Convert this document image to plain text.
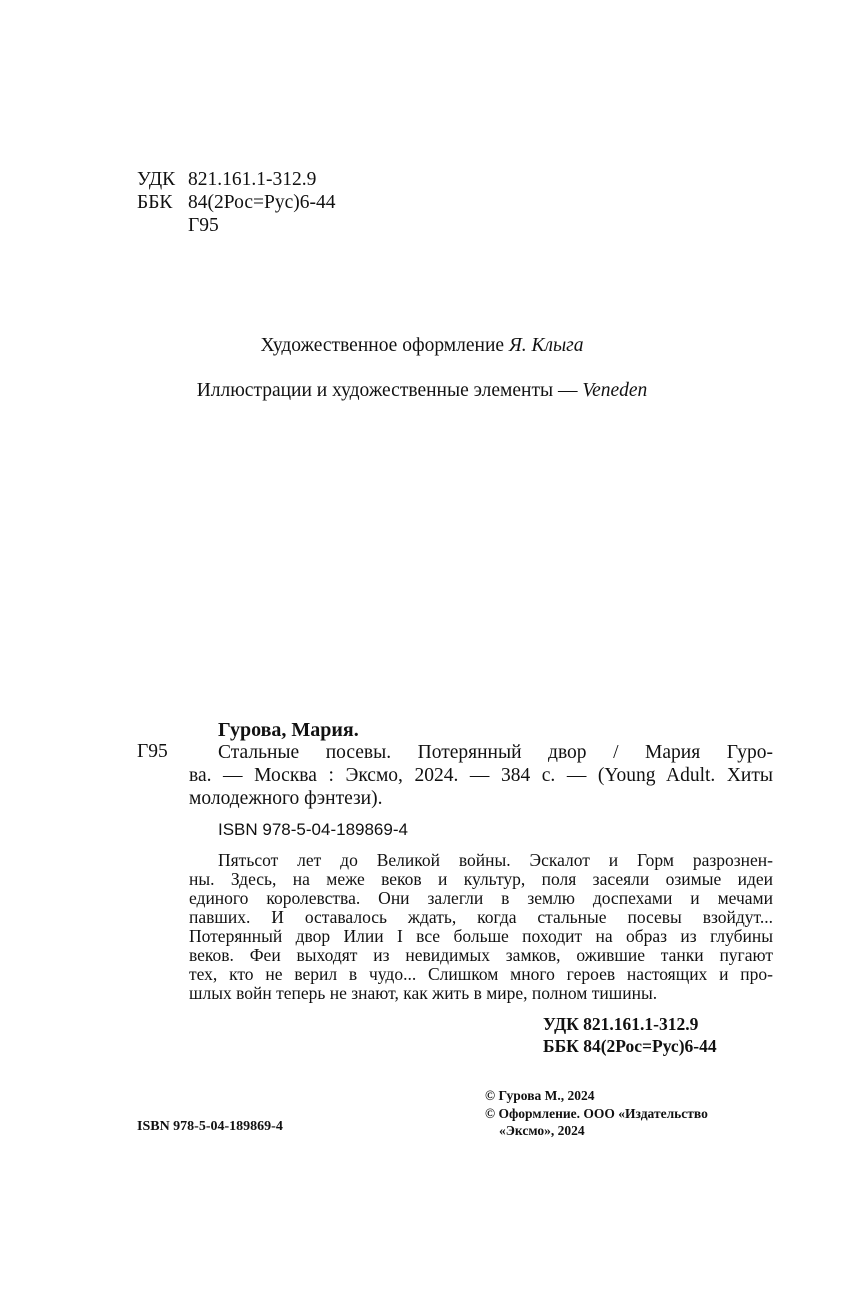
УДК 821.161.1-312.9
ББК 84(2Рос=Рус)6-44
Г95
Художественное оформление Я. Клыга
Иллюстрации и художественные элементы — Veneden
Гурова, Мария.
Г95	Стальные посевы. Потерянный двор / Мария Гуро-
ва. — Москва : Эксмо, 2024. — 384 с. — (Young Adult. Хиты
молодежного фэнтези).
ISBN 978-5-04-189869-4
Пятьсот лет до Великой войны. Эскалот и Горм разрознен-
ны. Здесь, на меже веков и культур, поля засеяли озимые идеи
единого королевства. Они залегли в землю доспехами и мечами
павших. И оставалось ждать, когда стальные посевы взойдут...
Потерянный двор Илии I все больше походит на образ из глубины
веков. Феи выходят из невидимых замков, ожившие танки пугают
тех, кто не верил в чудо... Слишком много героев настоящих и про-
шлых войн теперь не знают, как жить в мире, полном тишины.
УДК 821.161.1-312.9
ББК 84(2Рос=Рус)6-44
© Гурова М., 2024
© Оформление. ООО «Издательство
«Эксмо», 2024
ISBN 978-5-04-189869-4
